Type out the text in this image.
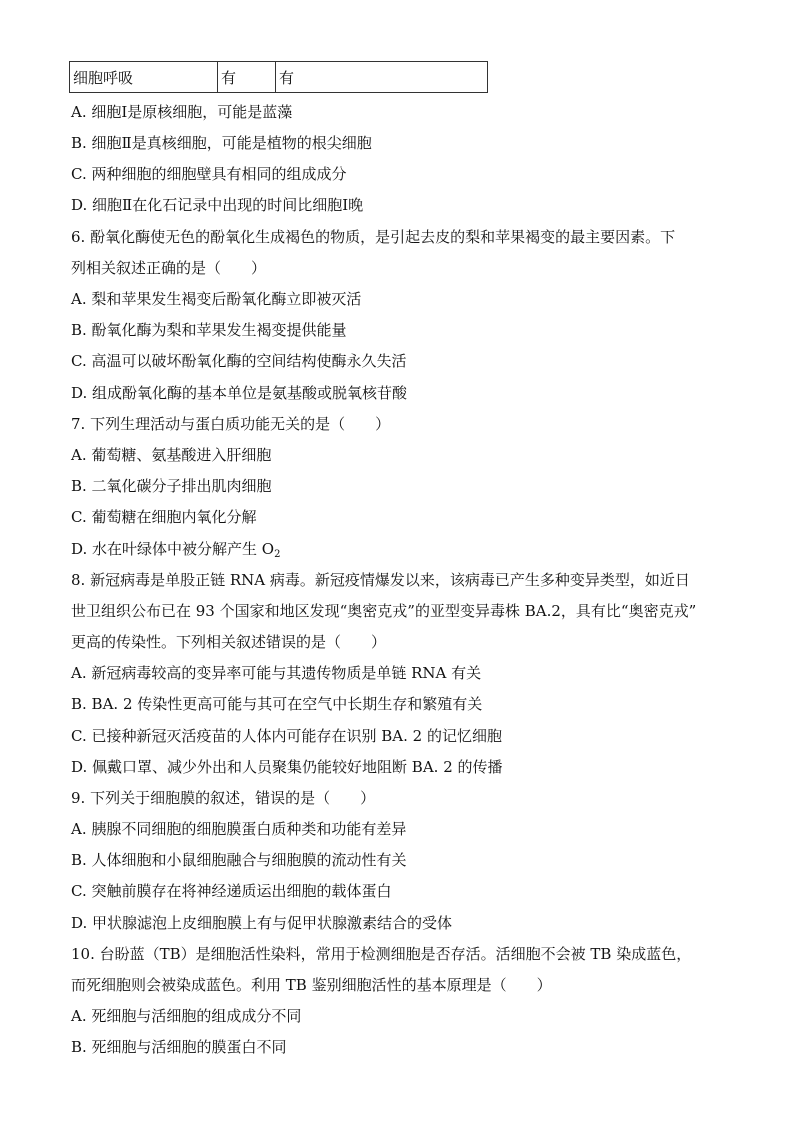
细胞呼吸	有	有
A. 细胞Ⅰ是原核细胞，可能是蓝藻
B. 细胞Ⅱ是真核细胞，可能是植物的根尖细胞
C. 两种细胞的细胞壁具有相同的组成成分
D. 细胞Ⅱ在化石记录中出现的时间比细胞Ⅰ晚
6. 酚氧化酶使无色的酚氧化生成褐色的物质，是引起去皮的梨和苹果褐变的最主要因素。下
列相关叙述正确的是（　　）
A. 梨和苹果发生褐变后酚氧化酶立即被灭活
B. 酚氧化酶为梨和苹果发生褐变提供能量
C. 高温可以破坏酚氧化酶的空间结构使酶永久失活
D. 组成酚氧化酶的基本单位是氨基酸或脱氧核苷酸
7. 下列生理活动与蛋白质功能无关的是（　　）
A. 葡萄糖、氨基酸进入肝细胞
B. 二氧化碳分子排出肌肉细胞
C. 葡萄糖在细胞内氧化分解
D. 水在叶绿体中被分解产生 $O_2$
8. 新冠病毒是单股正链 RNA 病毒。新冠疫情爆发以来，该病毒已产生多种变异类型，如近日
世卫组织公布已在 93 个国家和地区发现“奥密克戎”的亚型变异毒株 BA.2，具有比“奥密克戎”
更高的传染性。下列相关叙述错误的是（　　）
A. 新冠病毒较高的变异率可能与其遗传物质是单链 RNA 有关
B. BA. 2 传染性更高可能与其可在空气中长期生存和繁殖有关
C. 已接种新冠灭活疫苗的人体内可能存在识别 BA. 2 的记忆细胞
D. 佩戴口罩、减少外出和人员聚集仍能较好地阻断 BA. 2 的传播
9. 下列关于细胞膜的叙述，错误的是（　　）
A. 胰腺不同细胞的细胞膜蛋白质种类和功能有差异
B. 人体细胞和小鼠细胞融合与细胞膜的流动性有关
C. 突触前膜存在将神经递质运出细胞的载体蛋白
D. 甲状腺滤泡上皮细胞膜上有与促甲状腺激素结合的受体
10. 台盼蓝（TB）是细胞活性染料，常用于检测细胞是否存活。活细胞不会被 TB 染成蓝色，
而死细胞则会被染成蓝色。利用 TB 鉴别细胞活性的基本原理是（　　）
A. 死细胞与活细胞的组成成分不同
B. 死细胞与活细胞的膜蛋白不同
